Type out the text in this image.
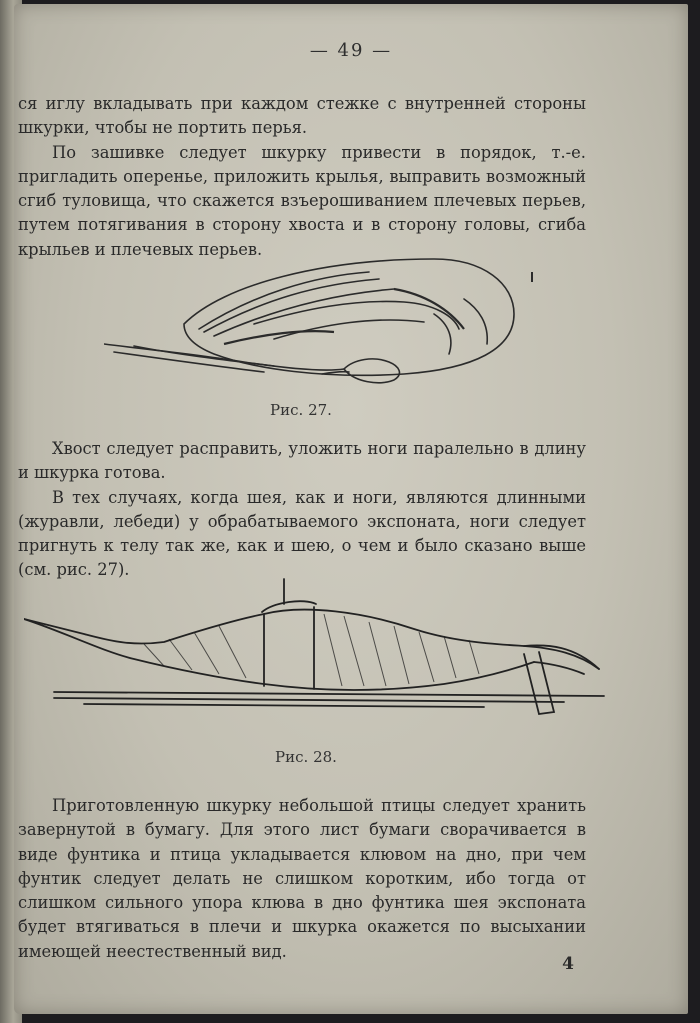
— 49 —

ся иглу вкладывать при каждом стежке с внутренней стороны шкурки, чтобы не портить перья.

По зашивке следует шкурку привести в порядок, т.-е. пригладить оперенье, приложить крылья, выправить возможный сгиб туловища, что скажется взъерошиванием плечевых перьев, путем потягивания в сторону хвоста и в сторону головы, сгиба крыльев и плечевых перьев.

Рис. 27.

Хвост следует расправить, уложить ноги паралельно в длину и шкурка готова.

В тех случаях, когда шея, как и ноги, являются длинными (журавли, лебеди) у обрабатываемого экспоната, ноги следует пригнуть к телу так же, как и шею, о чем и было сказано выше (см. рис. 27).

Рис. 28.

Приготовленную шкурку небольшой птицы следует хранить завернутой в бумагу. Для этого лист бумаги сворачивается в виде фунтика и птица укладывается клювом на дно, при чем фунтик следует делать не слишком коротким, ибо тогда от слишком сильного упора клюва в дно фунтика шея экспоната будет втягиваться в плечи и шкурка окажется по высыхании имеющей неестественный вид.

4
